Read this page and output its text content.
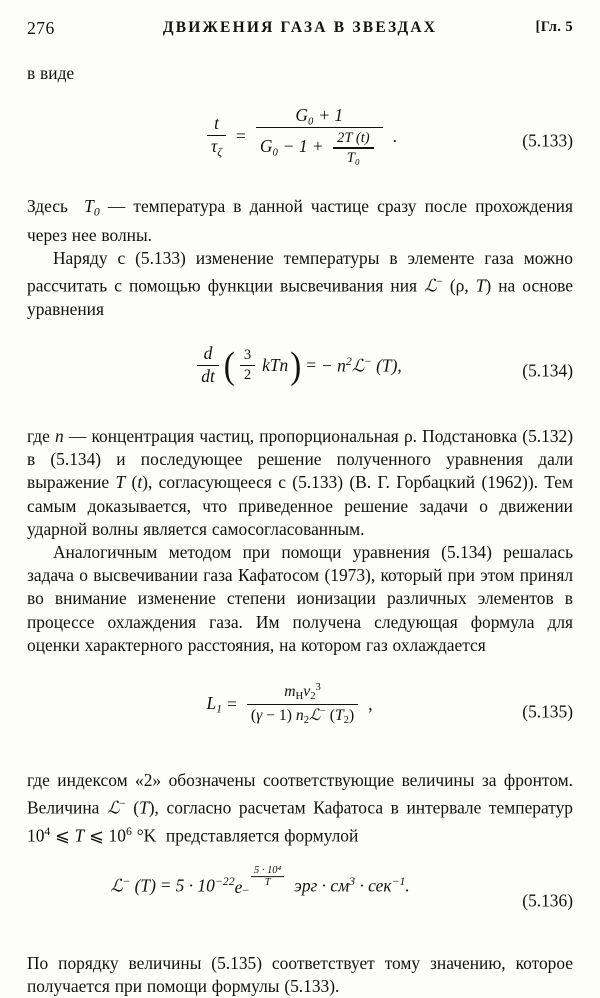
276	ДВИЖЕНИЯ ГАЗА В ЗВЕЗДАХ	[Гл. 5

в виде

$\frac{t}{\tau_\zeta}$ =
G₀ + 1
$G_0 - 1 + \frac{2T (t)}{\text{T₀}}$ .	(5.133)

Здесь  $T_0$ — температура в данной частице сразу после прохождения через нее волны.

Наряду с (5.133) изменение температуры в элементе газа можно рассчитать с помощью функции высвечивания ния ℒ− (ρ, T) на основе уравнения

$\frac{d}{dt}$ ( $\frac{3}{2}$ kTn ) = − $n^2ℒ^-$ (T),	(5.134)

где n — концентрация частиц, пропорциональная ρ. Подстановка (5.132) в (5.134) и последующее решение полученного уравнения дали выражение T (t), согласующееся с (5.133) (В. Г. Горбацкий (1962)). Тем самым доказывается, что приведенное решение задачи о движении ударной волны является самосогласованным.

Аналогичным методом при помощи уравнения (5.134) решалась задача о высвечивании газа Кафатосом (1973), который при этом принял во внимание изменение степени ионизации различных элементов в процессе охлаждения газа. Им получена следующая формула для оценки характерного расстояния, на котором газ охлаждается

$L_1 = \frac{m_Hv_2^3}{(\gamma - 1) n_2ℒ^- (T_2)}$ ,	(5.135)

где индексом «2» обозначены соответствующие величины за фронтом. Величина ℒ− (T), согласно расчетам Кафатоса в интервале температур $10^4$ ⩽ T ⩽ $10^6$ °K  представляется формулой

ℒ− $(T) = 5 \cdot 10^{-22}$ e −
$\frac{\text{5 · 10⁴}}{T}$ эрг · $см^3 \cdot сек^{-1}$.
(5.136)

По порядку величины (5.135) соответствует тому значению, которое получается при помощи формулы (5.133).
